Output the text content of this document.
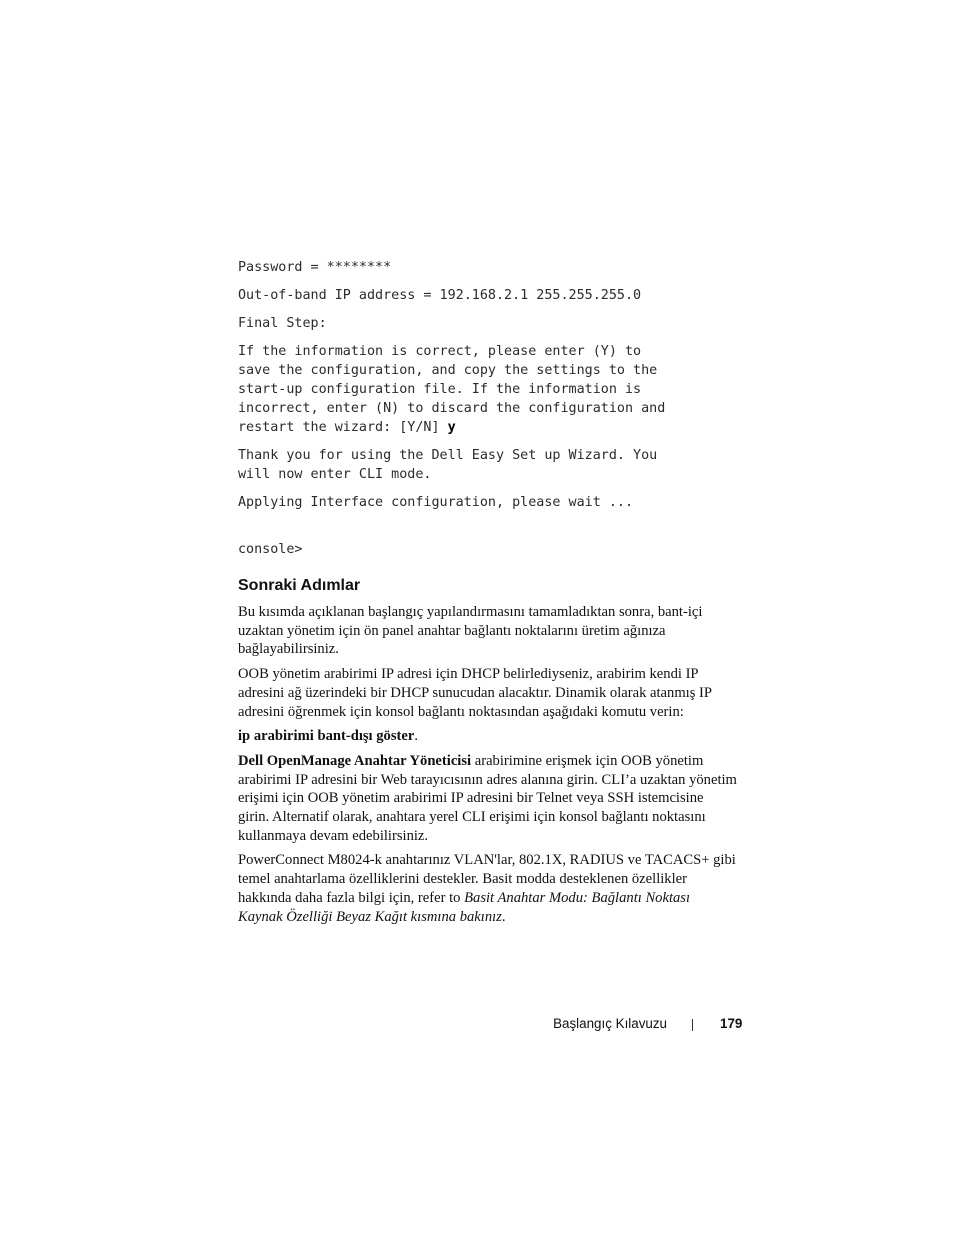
Password = ********
Out-of-band IP address = 192.168.2.1 255.255.255.0
Final Step:
If the information is correct, please enter (Y) to
save the configuration, and copy the settings to the
start-up configuration file. If the information is
incorrect, enter (N) to discard the configuration and
restart the wizard: [Y/N] y
Thank you for using the Dell Easy Set up Wizard. You
will now enter CLI mode.
Applying Interface configuration, please wait ...
console>
Sonraki Adımlar

Bu kısımda açıklanan başlangıç yapılandırmasını tamamladıktan sonra, bant-içi uzaktan yönetim için ön panel anahtar bağlantı noktalarını üretim ağınıza bağlayabilirsiniz.

OOB yönetim arabirimi IP adresi için DHCP belirlediyseniz, arabirim kendi IP adresini ağ üzerindeki bir DHCP sunucudan alacaktır. Dinamik olarak atanmış IP adresini öğrenmek için konsol bağlantı noktasından aşağıdaki komutu verin:

ip arabirimi bant-dışı göster.

Dell OpenManage Anahtar Yöneticisi arabirimine erişmek için OOB yönetim arabirimi IP adresini bir Web tarayıcısının adres alanına girin. CLI’a uzaktan yönetim erişimi için OOB yönetim arabirimi IP adresini bir Telnet veya SSH istemcisine girin. Alternatif olarak, anahtara yerel CLI erişimi için konsol bağlantı noktasını kullanmaya devam edebilirsiniz.

PowerConnect M8024-k anahtarınız VLAN'lar, 802.1X, RADIUS ve TACACS+ gibi temel anahtarlama özelliklerini destekler. Basit modda desteklenen özellikler hakkında daha fazla bilgi için, refer to Basit Anahtar Modu: Bağlantı Noktası Kaynak Özelliği Beyaz Kağıt kısmına bakınız.

Başlangıç Kılavuzu	179
